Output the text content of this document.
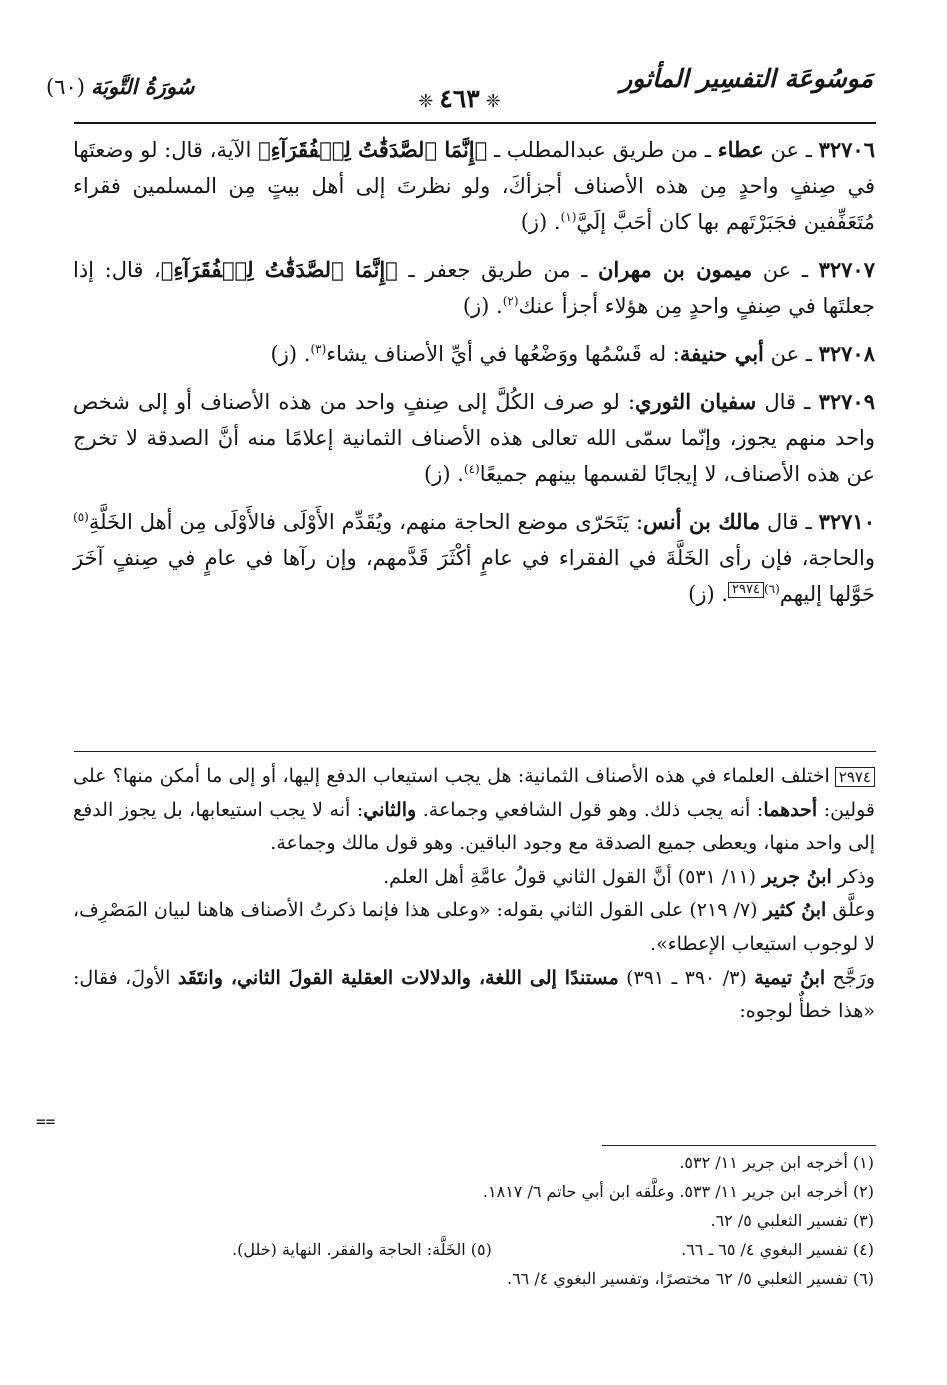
مَوسُوعَة التفسِير المأثور
❈٤٦٣❈
سُورَةُ التَّوبَة(٦٠)

٣٢٧٠٦ ـ عن عطاء ـ من طريق عبدالمطلب ـ ﴿إِنَّمَا ٱلصَّدَقَٰتُ لِلۡفُقَرَآءِ﴾ الآية، قال: لو وضعتَها في صِنفٍ واحدٍ مِن هذه الأصناف أجزأكَ، ولو نظرتَ إلى أهل بيتٍ مِن المسلمين فقراء مُتَعَفِّفين فجَبَرْتَهم بها كان أحَبَّ إلَيَّ$^{(١)}$. (ز)

٣٢٧٠٧ ـ عن ميمون بن مهران ـ من طريق جعفر ـ ﴿إِنَّمَا ٱلصَّدَقَٰتُ لِلۡفُقَرَآءِ﴾، قال: إذا جعلتَها في صِنفٍ واحدٍ مِن هؤلاء أجزأ عنك$^{(٢)}$. (ز)

٣٢٧٠٨ ـ عن أبي حنيفة: له قَسْمُها ووَضْعُها في أيِّ الأصناف يشاء$^{(٣)}$. (ز)

٣٢٧٠٩ ـ قال سفيان الثوري: لو صرف الكُلَّ إلى صِنفٍ واحد من هذه الأصناف أو إلى شخص واحد منهم يجوز، وإنّما سمّى الله تعالى هذه الأصناف الثمانية إعلامًا منه أنَّ الصدقة لا تخرج عن هذه الأصناف، لا إيجابًا لقسمها بينهم جميعًا$^{(٤)}$. (ز)

٣٢٧١٠ ـ قال مالك بن أنس: يَتَحَرّى موضع الحاجة منهم، ويُقَدِّم الأَوْلَى فالأَوْلَى مِن أهل الخَلَّةِ$^{(٥)}$ والحاجة، فإن رأى الخَلَّةَ في الفقراء في عامٍ أكْثَرَ قَدَّمهم، وإن رآها في عامٍ في صِنفٍ آخَرَ حَوَّلها إليهم$^{(٦)}$٢٩٧٤. (ز)

٢٩٧٤اختلف العلماء في هذه الأصناف الثمانية: هل يجب استيعاب الدفع إليها، أو إلى ما أمكن منها؟ على قولين: أحدهما: أنه يجب ذلك. وهو قول الشافعي وجماعة. والثاني: أنه لا يجب استيعابها، بل يجوز الدفع إلى واحد منها، ويعطى جميع الصدقة مع وجود الباقين. وهو قول مالك وجماعة.

وذكر ابنُ جرير (١١/ ٥٣١) أنَّ القول الثاني قولُ عامَّةِ أهل العلم.

وعلَّق ابنُ كثير (٧/ ٢١٩) على القول الثاني بقوله: «وعلى هذا فإنما ذكرتُ الأصناف هاهنا لبيان المَصْرِف، لا لوجوب استيعاب الإعطاء».

ورَجَّح ابنُ تيمية (٣/ ٣٩٠ ـ ٣٩١) مستندًا إلى اللغة، والدلالات العقلية القولَ الثاني، وانتَقَد الأولَ، فقال: «هذا خطأٌ لوجوه:

==
(١) أخرجه ابن جرير ١١/ ٥٣٢.
(٢) أخرجه ابن جرير ١١/ ٥٣٣. وعلَّقه ابن أبي حاتم ٦/ ١٨١٧.
(٣) تفسير الثعلبي ٥/ ٦٢.
(٤) تفسير البغوي ٤/ ٦٥ ـ ٦٦.
(٥) الخَلَّة: الحاجة والفقر. النهاية (خلل).
(٦) تفسير الثعلبي ٥/ ٦٢ مختصرًا، وتفسير البغوي ٤/ ٦٦.
